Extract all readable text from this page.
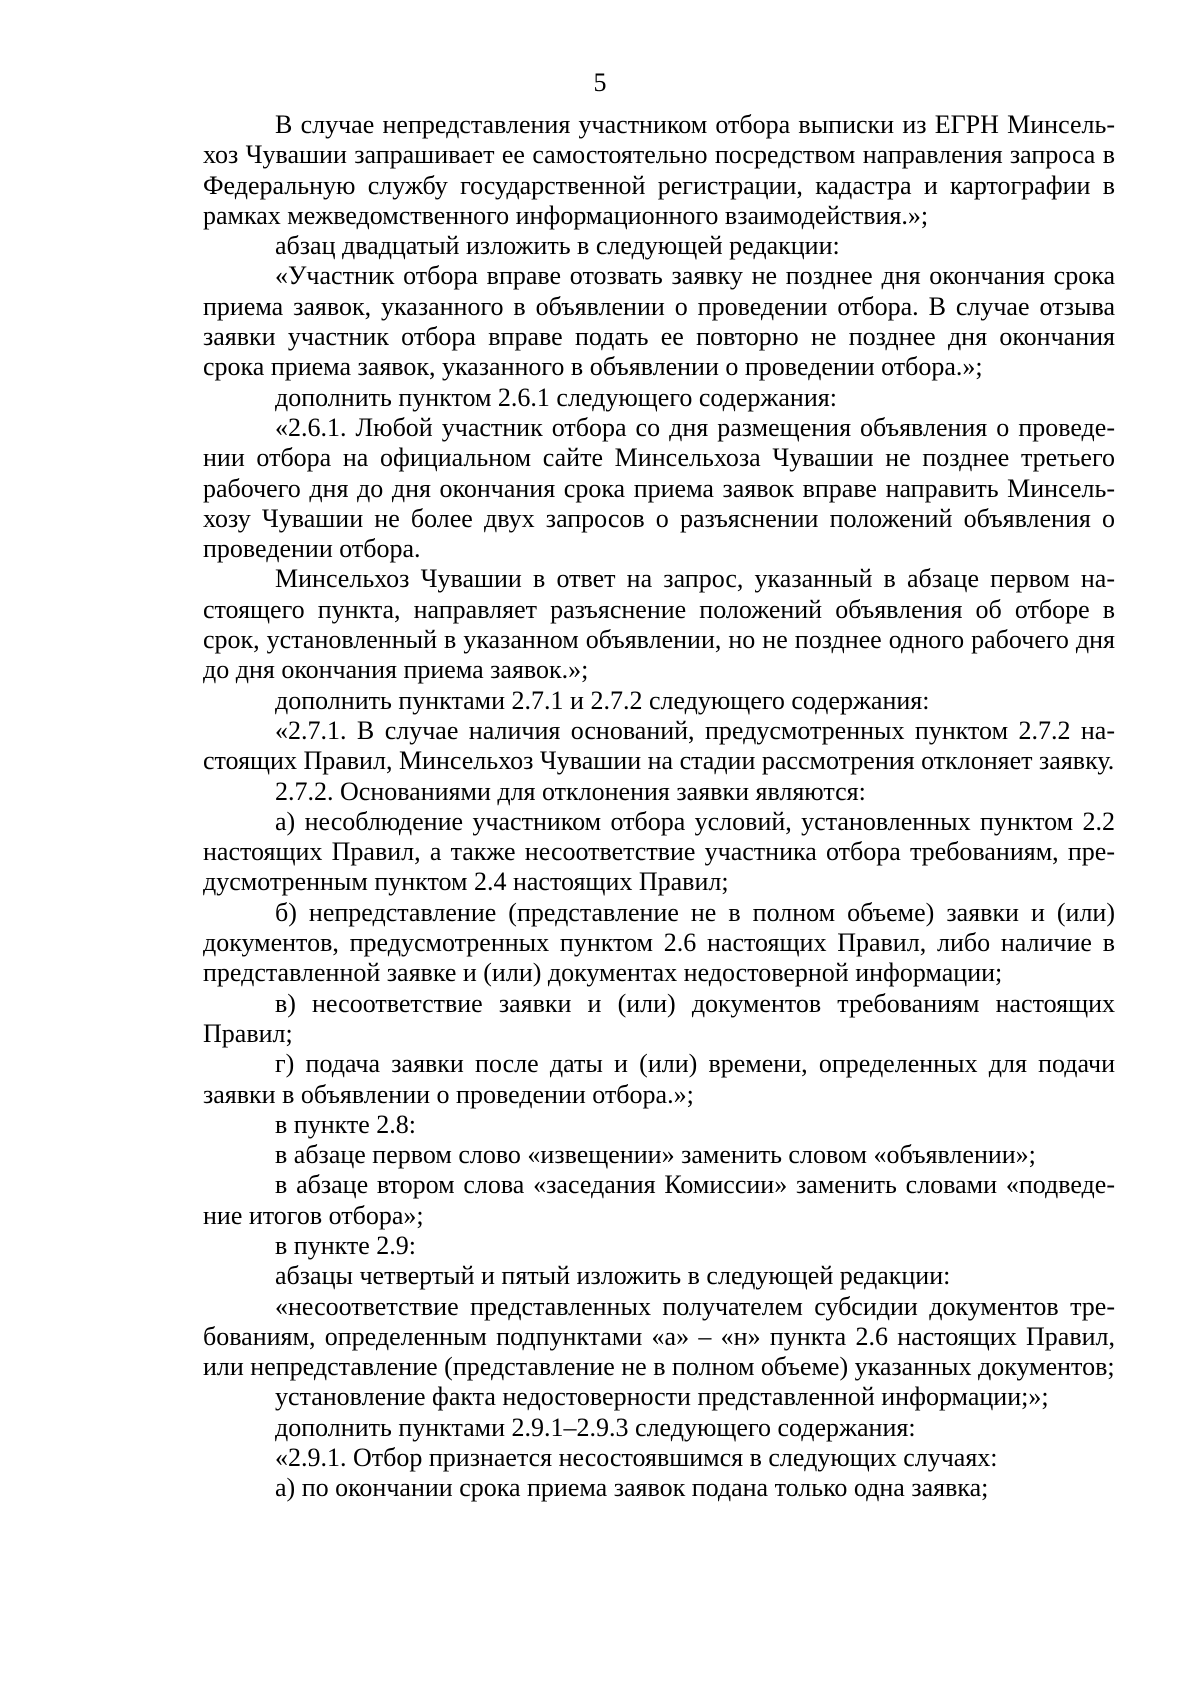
5

В случае непредставления участником отбора выписки из ЕГРН Минсельхоз Чувашии запрашивает ее самостоятельно посредством направления запроса в Федеральную службу государственной регистрации, кадастра и картографии в рамках межведомственного информационного взаимодействия.»;

абзац двадцатый изложить в следующей редакции:

«Участник отбора вправе отозвать заявку не позднее дня окончания срока приема заявок, указанного в объявлении о проведении отбора. В случае отзыва заявки участник отбора вправе подать ее повторно не позднее дня окончания срока приема заявок, указанного в объявлении о проведении отбора.»;

дополнить пунктом 2.6.1 следующего содержания:

«2.6.1. Любой участник отбора со дня размещения объявления о проведении отбора на официальном сайте Минсельхоза Чувашии не позднее третьего рабочего дня до дня окончания срока приема заявок вправе направить Минсельхозу Чувашии не более двух запросов о разъяснении положений объявления о проведении отбора.

Минсельхоз Чувашии в ответ на запрос, указанный в абзаце первом настоящего пункта, направляет разъяснение положений объявления об отборе в срок, установленный в указанном объявлении, но не позднее одного рабочего дня до дня окончания приема заявок.»;

дополнить пунктами 2.7.1 и 2.7.2 следующего содержания:

«2.7.1. В случае наличия оснований, предусмотренных пунктом 2.7.2 настоящих Правил, Минсельхоз Чувашии на стадии рассмотрения отклоняет заявку.

2.7.2. Основаниями для отклонения заявки являются:

а) несоблюдение участником отбора условий, установленных пунктом 2.2 настоящих Правил, а также несоответствие участника отбора требованиям, предусмотренным пунктом 2.4 настоящих Правил;

б) непредставление (представление не в полном объеме) заявки и (или) документов, предусмотренных пунктом 2.6 настоящих Правил, либо наличие в представленной заявке и (или) документах недостоверной информации;

в) несоответствие заявки и (или) документов требованиям настоящих Правил;

г) подача заявки после даты и (или) времени, определенных для подачи заявки в объявлении о проведении отбора.»;

в пункте 2.8:

в абзаце первом слово «извещении» заменить словом «объявлении»;

в абзаце втором слова «заседания Комиссии» заменить словами «подведение итогов отбора»;

в пункте 2.9:

абзацы четвертый и пятый изложить в следующей редакции:

«несоответствие представленных получателем субсидии документов требованиям, определенным подпунктами «а» – «н» пункта 2.6 настоящих Правил, или непредставление (представление не в полном объеме) указанных документов;

установление факта недостоверности представленной информации;»;

дополнить пунктами 2.9.1–2.9.3 следующего содержания:

«2.9.1. Отбор признается несостоявшимся в следующих случаях:

а) по окончании срока приема заявок подана только одна заявка;
